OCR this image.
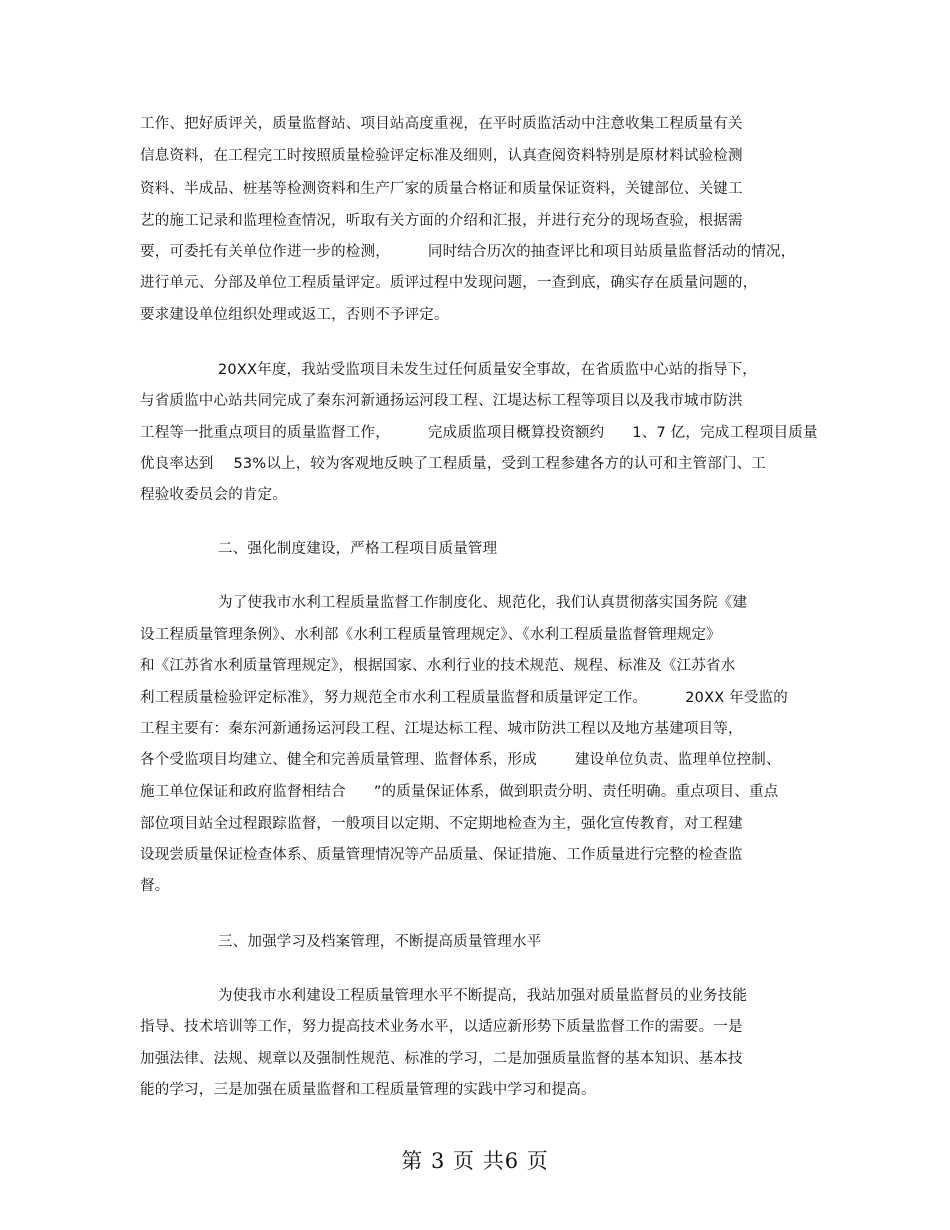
工作、把好质评关，质量监督站、项目站高度重视，在平时质监活动中注意收集工程质量有关
信息资料，在工程完工时按照质量检验评定标准及细则，认真查阅资料特别是原材料试验检测
资料、半成品、桩基等检测资料和生产厂家的质量合格证和质量保证资料，关键部位、关键工
艺的施工记录和监理检查情况，听取有关方面的介绍和汇报，并进行充分的现场查验，根据需
要，可委托有关单位作进一步的检测，	同时结合历次的抽查评比和项目站质量监督活动的情况，
进行单元、分部及单位工程质量评定。质评过程中发现问题，一查到底，确实存在质量问题的，
要求建设单位组织处理或返工，否则不予评定。
20XX年度，我站受监项目未发生过任何质量安全事故，在省质监中心站的指导下，
与省质监中心站共同完成了秦东河新通扬运河段工程、江堤达标工程等项目以及我市城市防洪
工程等一批重点项目的质量监督工作，	完成质监项目概算投资额约 1、7 亿，完成工程项目质量
优良率达到 53%以上，较为客观地反映了工程质量，受到工程参建各方的认可和主管部门、工
程验收委员会的肯定。
二、强化制度建设，严格工程项目质量管理
为了使我市水利工程质量监督工作制度化、规范化，我们认真贯彻落实国务院《建
设工程质量管理条例》、水利部《水利工程质量管理规定》、《水利工程质量监督管理规定》
和《江苏省水利质量管理规定》，根据国家、水利行业的技术规范、规程、标准及《江苏省水
利工程质量检验评定标准》，努力规范全市水利工程质量监督和质量评定工作。	20XX 年受监的
工程主要有：秦东河新通扬运河段工程、江堤达标工程、城市防洪工程以及地方基建项目等，
各个受监项目均建立、健全和完善质量管理、监督体系，形成	建设单位负责、监理单位控制、
施工单位保证和政府监督相结合 ”的质量保证体系，做到职责分明、责任明确。重点项目、重点
部位项目站全过程跟踪监督，一般项目以定期、不定期地检查为主，强化宣传教育，对工程建
设现尝质量保证检查体系、质量管理情况等产品质量、保证措施、工作质量进行完整的检查监
督。
三、加强学习及档案管理，不断提高质量管理水平
为使我市水利建设工程质量管理水平不断提高，我站加强对质量监督员的业务技能
指导、技术培训等工作，努力提高技术业务水平，以适应新形势下质量监督工作的需要。一是
加强法律、法规、规章以及强制性规范、标准的学习，二是加强质量监督的基本知识、基本技
能的学习，三是加强在质量监督和工程质量管理的实践中学习和提高。
第 3 页 共6 页
